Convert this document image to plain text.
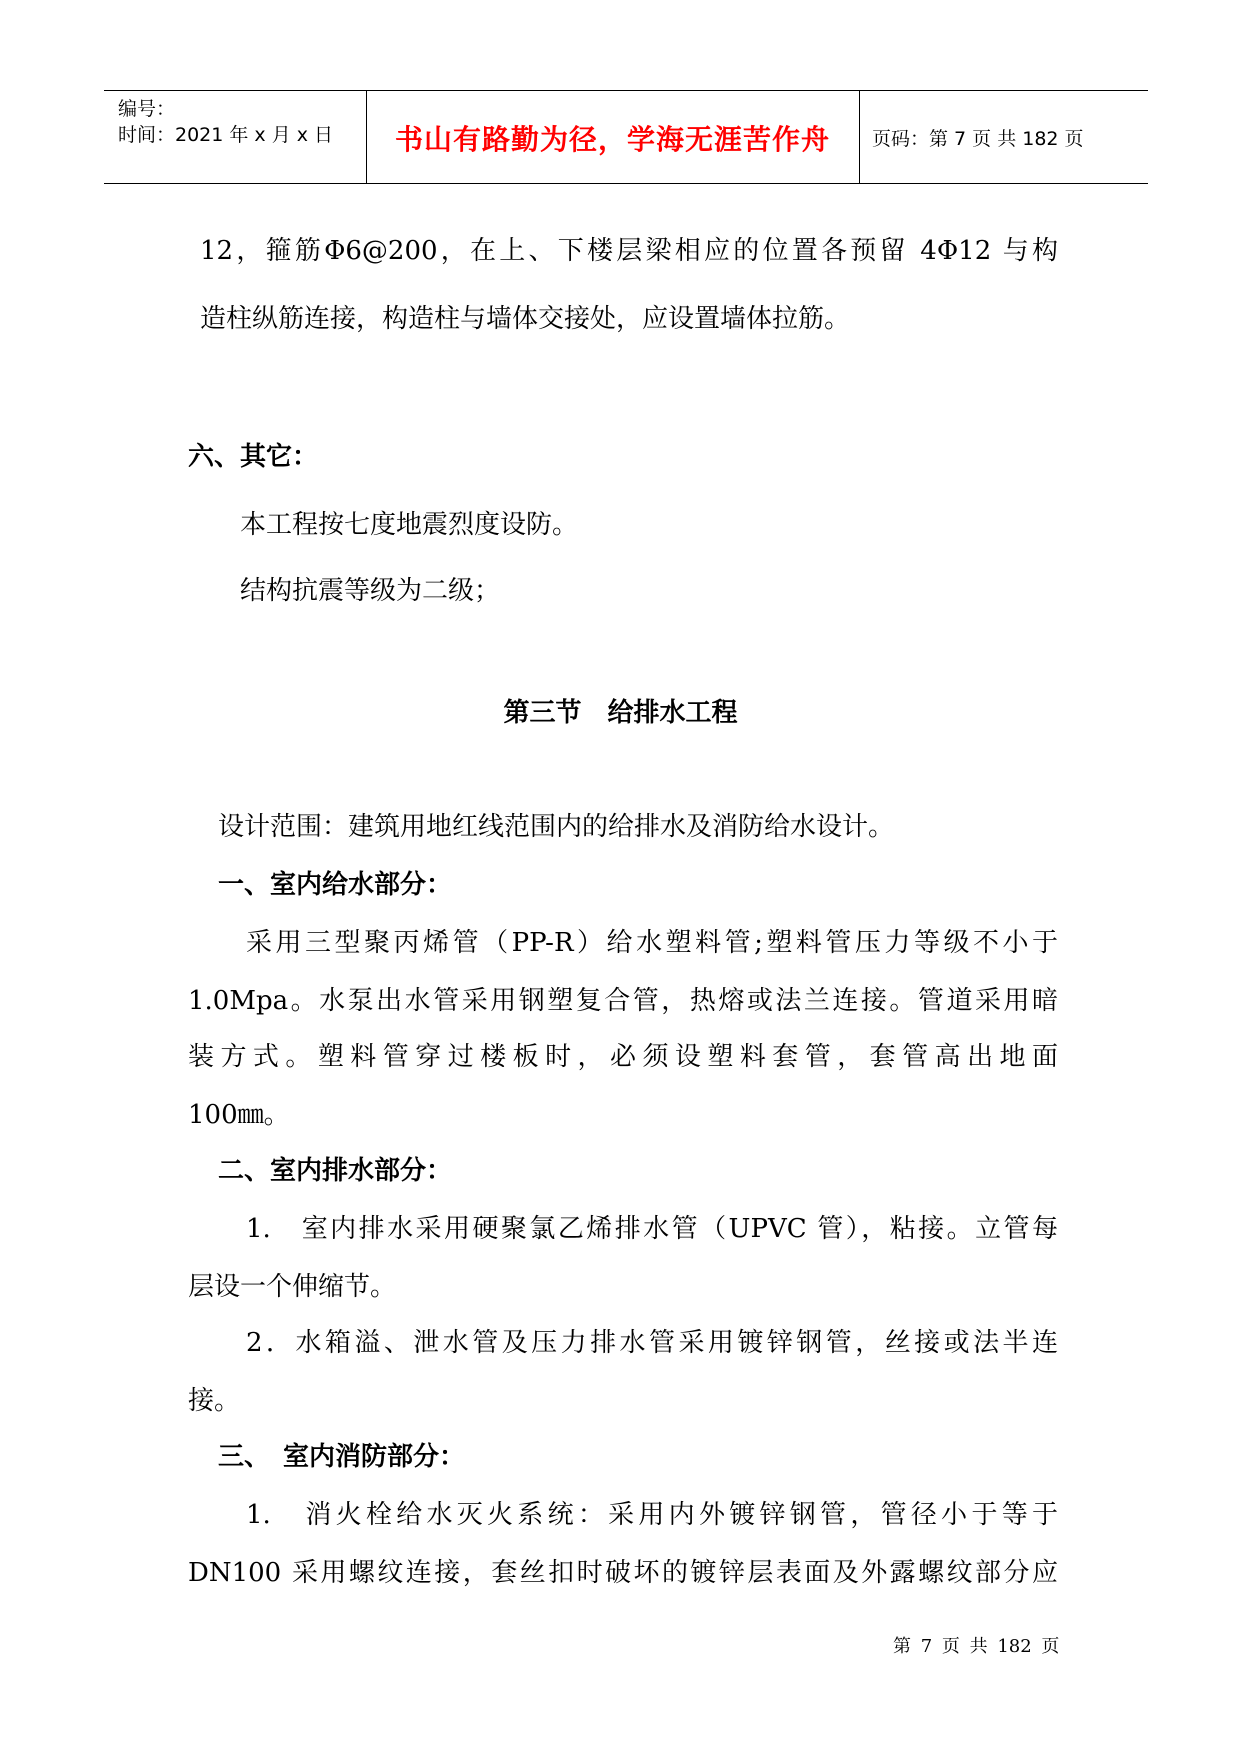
编号：
时间：2021 年 x 月 x 日	书山有路勤为径，学海无涯苦作舟	页码：第 7 页 共 182 页
12，箍筋Φ6@200，在上、下楼层梁相应的位置各预留 4Φ12 与构
造柱纵筋连接，构造柱与墙体交接处，应设置墙体拉筋。
六、其它：
本工程按七度地震烈度设防。
结构抗震等级为二级；
第三节　给排水工程
设计范围：建筑用地红线范围内的给排水及消防给水设计。
一、室内给水部分：
采用三型聚丙烯管（PP-R）给水塑料管;塑料管压力等级不小于
1.0Mpa。水泵出水管采用钢塑复合管，热熔或法兰连接。管道采用暗
装方式。塑料管穿过楼板时，必须设塑料套管，套管高出地面
100㎜。
二、室内排水部分：
1.　室内排水采用硬聚氯乙烯排水管（UPVC 管），粘接。立管每
层设一个伸缩节。
2．水箱溢、泄水管及压力排水管采用镀锌钢管，丝接或法半连
接。
三、　室内消防部分：
1.　消火栓给水灭火系统：采用内外镀锌钢管，管径小于等于
DN100 采用螺纹连接，套丝扣时破坏的镀锌层表面及外露螺纹部分应
第 7 页 共 182 页
